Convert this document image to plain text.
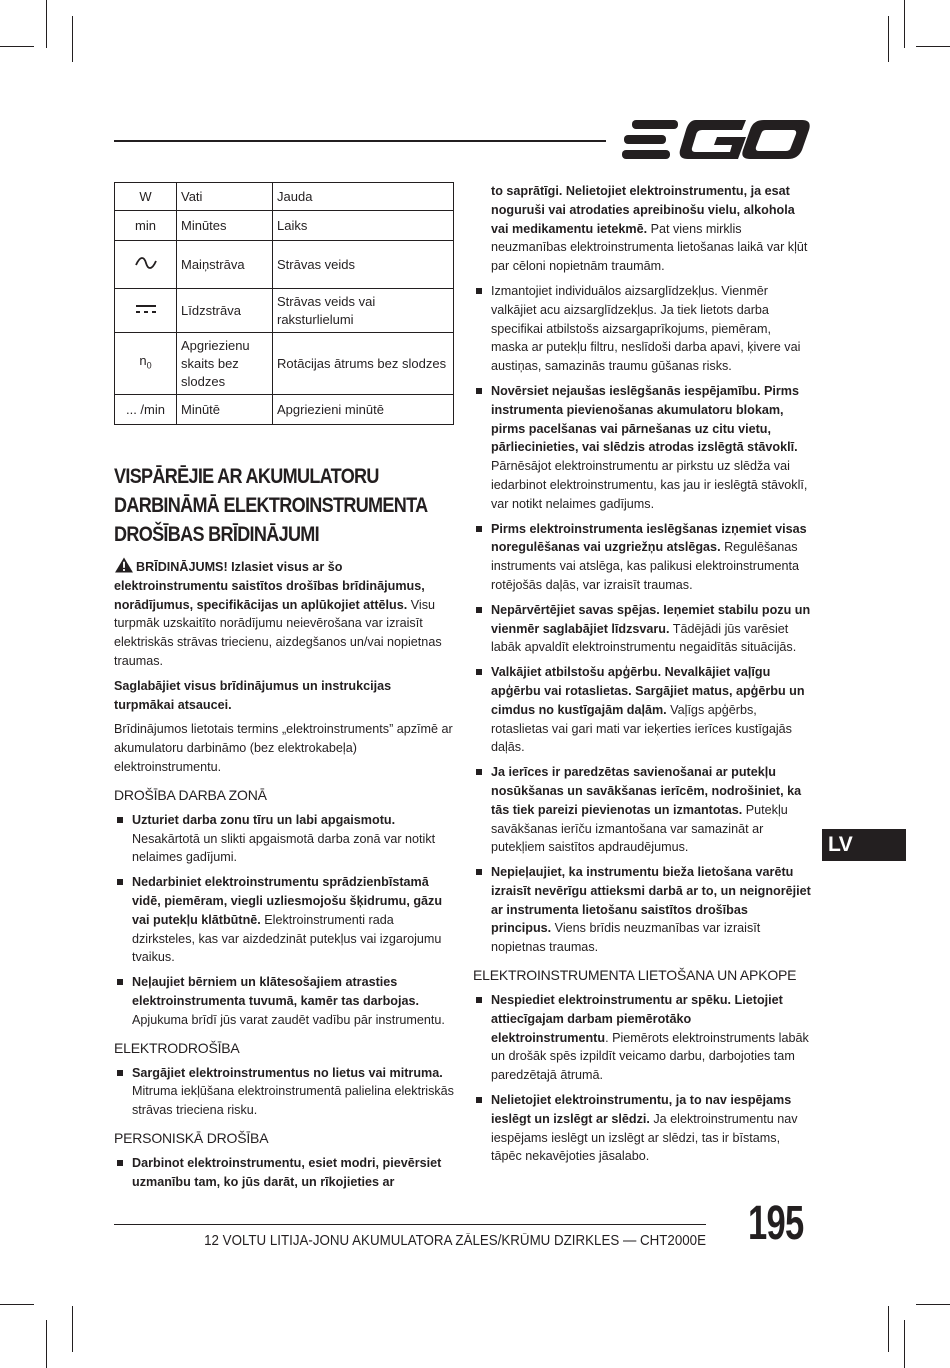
W	Vati	Jauda
min	Minūtes	Laiks
	Maiņstrāva	Strāvas veids
	Līdzstrāva	Strāvas veids vai raksturlielumi
$n_0$	Apgriezienu skaits bez slodzes	Rotācijas ātrums bez slodzes
... /min	Minūtē	Apgriezieni minūtē
VISPĀRĒJIE AR AKUMULATORU DARBINĀMĀ ELEKTROINSTRUMENTA DROŠĪBAS BRĪDINĀJUMI

BRĪDINĀJUMS! Izlasiet visus ar šo elektroinstrumentu saistītos drošības brīdinājumus, norādījumus, specifikācijas un aplūkojiet attēlus. Visu turpmāk uzskaitīto norādījumu neievērošana var izraisīt elektriskās strāvas triecienu, aizdegšanos un/vai nopietnas traumas.

Saglabājiet visus brīdinājumus un instrukcijas turpmākai atsaucei.

Brīdinājumos lietotais termins „elektroinstruments” apzīmē ar akumulatoru darbināmo (bez elektrokabeļa) elektroinstrumentu.

DROŠĪBA DARBA ZONĀ
Uzturiet darba zonu tīru un labi apgaismotu. Nesakārtotā un slikti apgaismotā darba zonā var notikt nelaimes gadījumi.
Nedarbiniet elektroinstrumentu sprādzienbīstamā vidē, piemēram, viegli uzliesmojošu šķidrumu, gāzu vai putekļu klātbūtnē. Elektroinstrumenti rada dzirksteles, kas var aizdedzināt putekļus vai izgarojumu tvaikus.
Neļaujiet bērniem un klātesošajiem atrasties elektroinstrumenta tuvumā, kamēr tas darbojas. Apjukuma brīdī jūs varat zaudēt vadību pār instrumentu.
ELEKTRODROŠĪBA
Sargājiet elektroinstrumentus no lietus vai mitruma. Mitruma iekļūšana elektroinstrumentā palielina elektriskās strāvas trieciena risku.
PERSONISKĀ DROŠĪBA
Darbinot elektroinstrumentu, esiet modri, pievērsiet uzmanību tam, ko jūs darāt, un rīkojieties ar

to saprātīgi. Nelietojiet elektroinstrumentu, ja esat noguruši vai atrodaties apreibinošu vielu, alkohola vai medikamentu ietekmē. Pat viens mirklis neuzmanības elektroinstrumenta lietošanas laikā var kļūt par cēloni nopietnām traumām.

Izmantojiet individuālos aizsarglīdzekļus. Vienmēr valkājiet acu aizsarglīdzekļus. Ja tiek lietots darba specifikai atbilstošs aizsargaprīkojums, piemēram, maska ar putekļu filtru, neslīdoši darba apavi, ķivere vai austiņas, samazinās traumu gūšanas risks.
Novērsiet nejaušas ieslēgšanās iespējamību. Pirms instrumenta pievienošanas akumulatoru blokam, pirms pacelšanas vai pārnešanas uz citu vietu, pārliecinieties, vai slēdzis atrodas izslēgtā stāvoklī. Pārnēsājot elektroinstrumentu ar pirkstu uz slēdža vai iedarbinot elektroinstrumentu, kas jau ir ieslēgtā stāvoklī, var notikt nelaimes gadījums.
Pirms elektroinstrumenta ieslēgšanas izņemiet visas noregulēšanas vai uzgriežņu atslēgas. Regulēšanas instruments vai atslēga, kas palikusi elektroinstrumenta rotējošās daļās, var izraisīt traumas.
Nepārvērtējiet savas spējas. Ieņemiet stabilu pozu un vienmēr saglabājiet līdzsvaru. Tādējādi jūs varēsiet labāk apvaldīt elektroinstrumentu negaidītās situācijās.
Valkājiet atbilstošu apģērbu. Nevalkājiet vaļīgu apģērbu vai rotaslietas. Sargājiet matus, apģērbu un cimdus no kustīgajām daļām. Vaļīgs apģērbs, rotaslietas vai gari mati var ieķerties ierīces kustīgajās daļās.
Ja ierīces ir paredzētas savienošanai ar putekļu nosūkšanas un savākšanas ierīcēm, nodrošiniet, ka tās tiek pareizi pievienotas un izmantotas. Putekļu savākšanas ierīču izmantošana var samazināt ar putekļiem saistītos apdraudējumus.
Nepieļaujiet, ka instrumentu bieža lietošana varētu izraisīt nevērīgu attieksmi darbā ar to, un neignorējiet ar instrumenta lietošanu saistītos drošības principus. Viens brīdis neuzmanības var izraisīt nopietnas traumas.
ELEKTROINSTRUMENTA LIETOŠANA UN APKOPE
Nespiediet elektroinstrumentu ar spēku. Lietojiet attiecīgajam darbam piemērotāko elektroinstrumentu. Piemērots elektroinstruments labāk un drošāk spēs izpildīt veicamo darbu, darbojoties tam paredzētajā ātrumā.
Nelietojiet elektroinstrumentu, ja to nav iespējams ieslēgt un izslēgt ar slēdzi. Ja elektroinstrumentu nav iespējams ieslēgt un izslēgt ar slēdzi, tas ir bīstams, tāpēc nekavējoties jāsalabo.
LV
12 VOLTU LITIJA-JONU AKUMULATORA ZĀLES/KRŪMU DZIRKLES — CHT2000E 195
